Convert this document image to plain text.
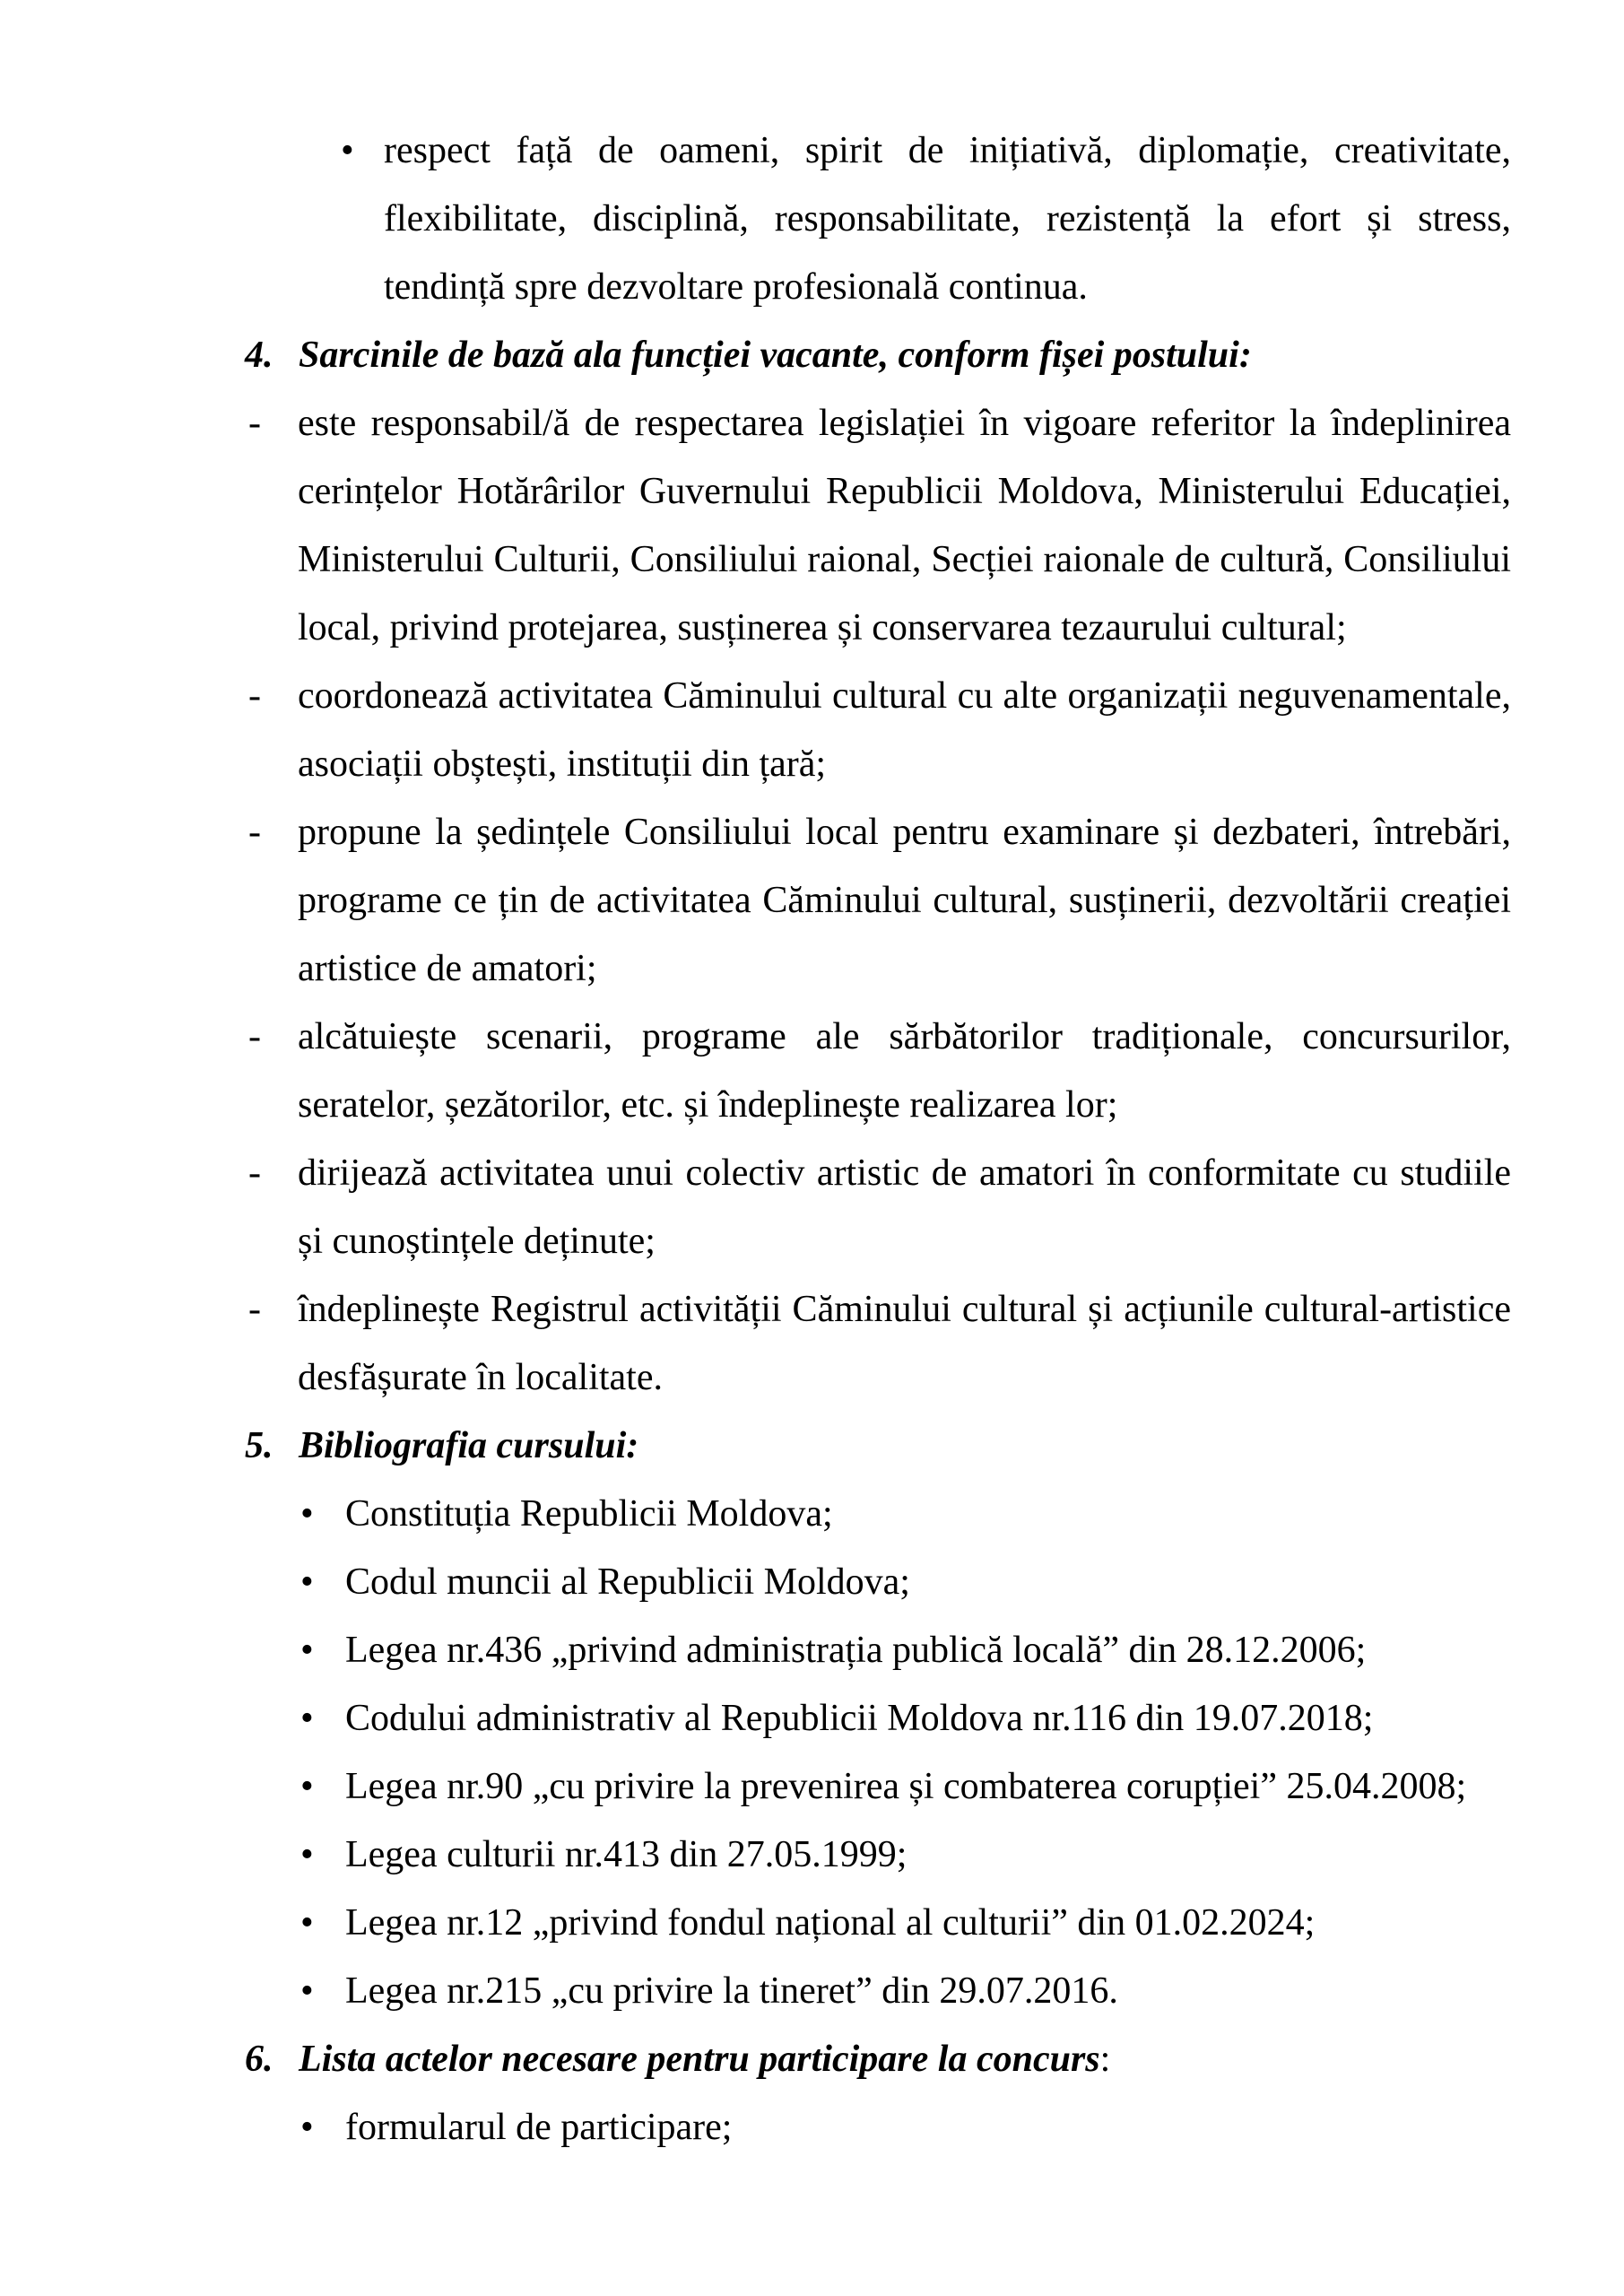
• respect față de oameni, spirit de inițiativă, diplomație, creativitate, flexibilitate, disciplină, responsabilitate, rezistență la efort și stress, tendință spre dezvoltare profesională continua.
4. Sarcinile de bază ala funcției vacante, conform fișei postului:
- este responsabil/ă de respectarea legislației în vigoare referitor la îndeplinirea cerințelor Hotărârilor Guvernului Republicii Moldova, Ministerului Educației, Ministerului Culturii, Consiliului raional, Secției raionale de cultură, Consiliului local, privind protejarea, susținerea și conservarea tezaurului cultural;
- coordonează activitatea Căminului cultural cu alte organizații neguvenamentale, asociații obștești, instituții din țară;
- propune la ședințele Consiliului local pentru examinare și dezbateri, întrebări, programe ce țin de activitatea Căminului cultural, susținerii, dezvoltării creației artistice de amatori;
- alcătuiește scenarii, programe ale sărbătorilor tradiționale, concursurilor, seratelor, șezătorilor, etc. și îndeplinește realizarea lor;
- dirijează activitatea unui colectiv artistic de amatori în conformitate cu studiile și cunoștințele deținute;
- îndeplinește Registrul activității Căminului cultural și acțiunile cultural-artistice desfășurate în localitate.
5. Bibliografia cursului:
• Constituția Republicii Moldova;
• Codul muncii al Republicii Moldova;
• Legea nr.436 „privind administrația publică locală” din 28.12.2006;
• Codului administrativ al Republicii Moldova nr.116 din 19.07.2018;
• Legea nr.90 „cu privire la prevenirea și combaterea corupției” 25.04.2008;
• Legea culturii nr.413 din 27.05.1999;
• Legea nr.12 „privind fondul național al culturii” din 01.02.2024;
• Legea nr.215 „cu privire la tineret” din 29.07.2016.
6. Lista actelor necesare pentru participare la concurs:
• formularul de participare;
